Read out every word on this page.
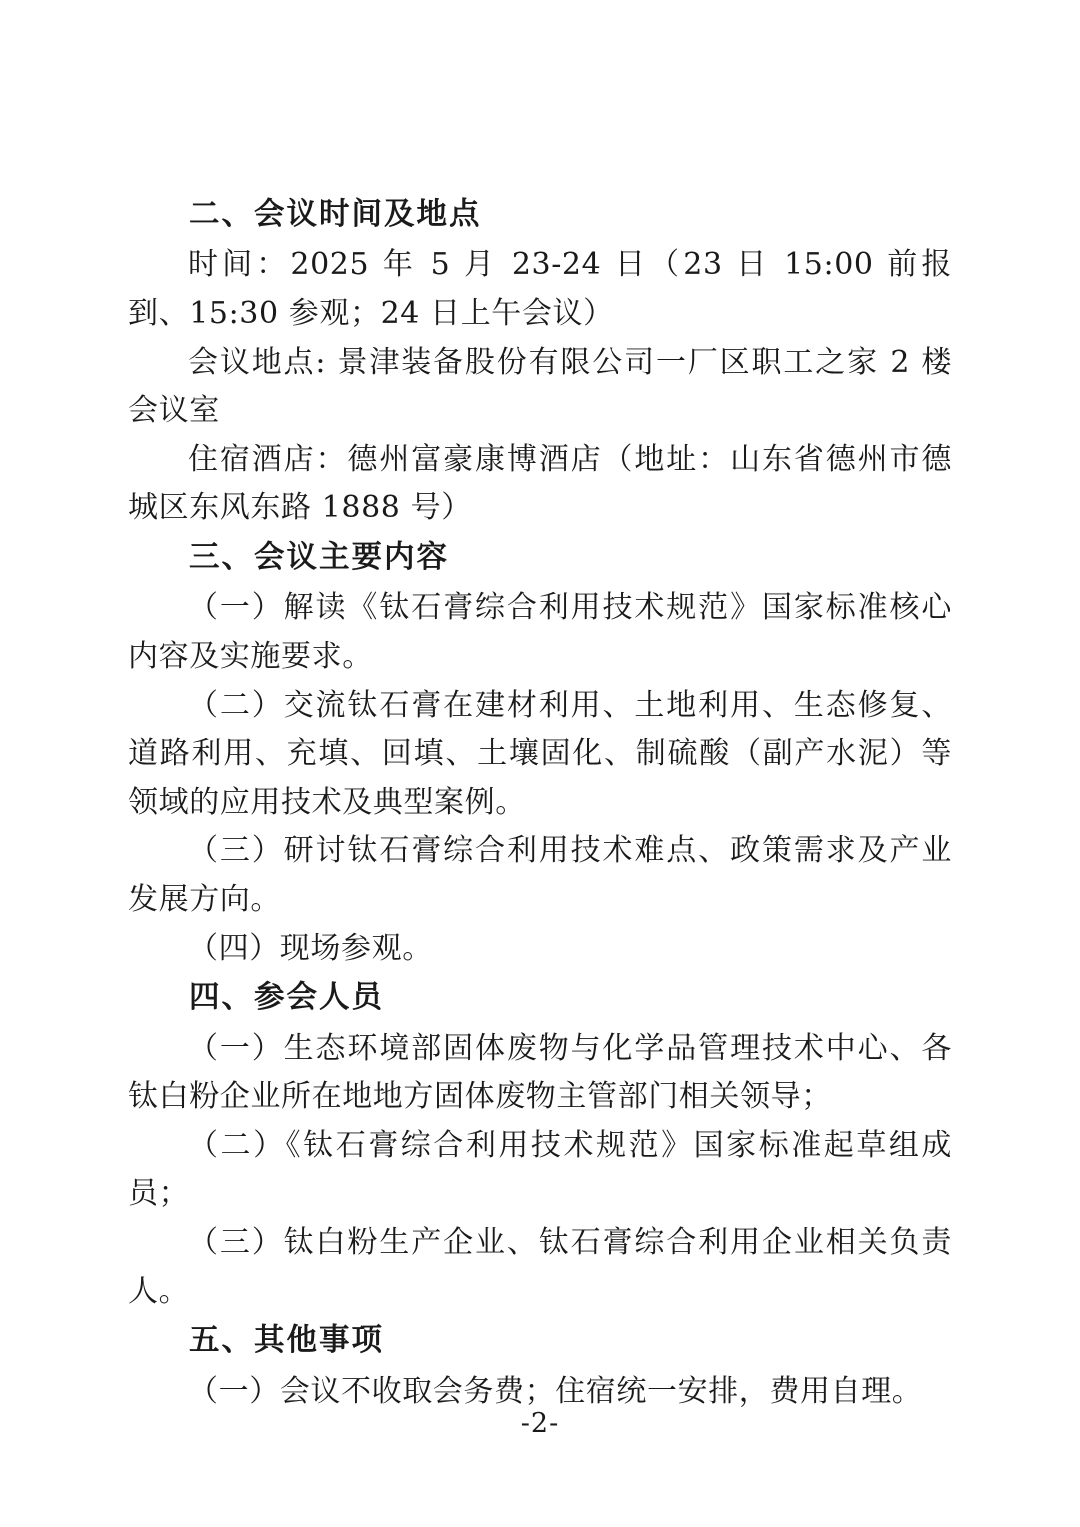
二、会议时间及地点

时间：2025 年 5 月 23-24 日（23 日 15:00 前报到、15:30 参观；24 日上午会议）

会议地点: 景津装备股份有限公司一厂区职工之家 2 楼会议室

住宿酒店：德州富豪康博酒店（地址：山东省德州市德城区东风东路 1888 号）

三、会议主要内容

（一）解读《钛石膏综合利用技术规范》国家标准核心内容及实施要求。

（二）交流钛石膏在建材利用、土地利用、生态修复、道路利用、充填、回填、土壤固化、制硫酸（副产水泥）等领域的应用技术及典型案例。

（三）研讨钛石膏综合利用技术难点、政策需求及产业发展方向。

（四）现场参观。

四、参会人员

（一）生态环境部固体废物与化学品管理技术中心、各钛白粉企业所在地地方固体废物主管部门相关领导；

（二）《钛石膏综合利用技术规范》国家标准起草组成员；

（三）钛白粉生产企业、钛石膏综合利用企业相关负责人。

五、其他事项

（一）会议不收取会务费；住宿统一安排，费用自理。

-2-
